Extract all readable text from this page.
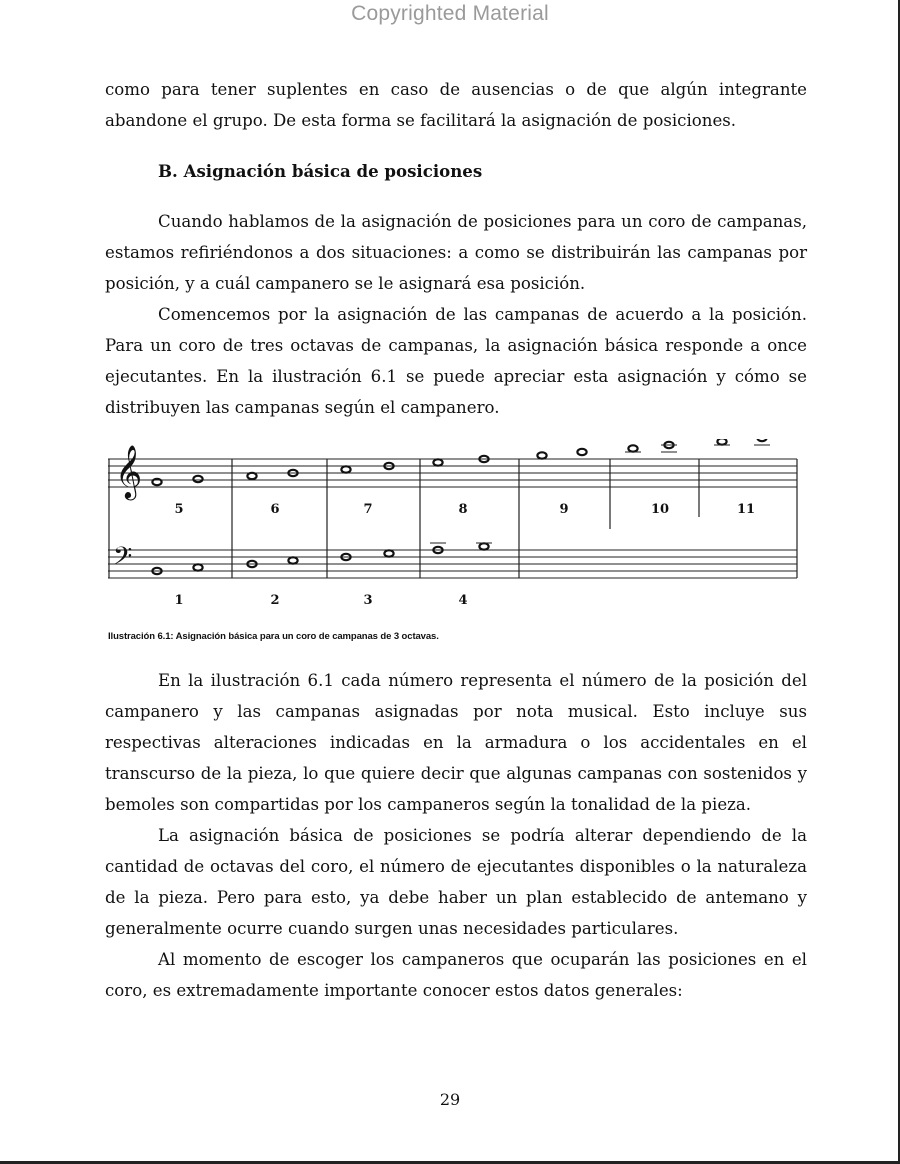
Copyrighted Material

como para tener suplentes en caso de ausencias o de que algún integrante abandone el grupo. De esta forma se facilitará la asignación de posiciones.

B. Asignación básica de posiciones

Cuando hablamos de la asignación de posiciones para un coro de campanas, estamos refiriéndonos a dos situaciones: a como se distribuirán las campanas por posición, y a cuál campanero se le asignará esa posición.

Comencemos por la asignación de las campanas de acuerdo a la posición. Para un coro de tres octavas de campanas, la asignación básica responde a once ejecutantes. En la ilustración 6.1 se puede apreciar esta asignación y cómo se distribuyen las campanas según el campanero.

𝄞
𝄢
5	6	7	8	9	10	11
1	2	3	4
Ilustración 6.1: Asignación básica para un coro de campanas de 3 octavas.

En la ilustración 6.1 cada número representa el número de la posición del campanero y las campanas asignadas por nota musical. Esto incluye sus respectivas alteraciones indicadas en la armadura o los accidentales en el transcurso de la pieza, lo que quiere decir que algunas campanas con sostenidos y bemoles son compartidas por los campaneros según la tonalidad de la pieza.

La asignación básica de posiciones se podría alterar dependiendo de la cantidad de octavas del coro, el número de ejecutantes disponibles o la naturaleza de la pieza. Pero para esto, ya debe haber un plan establecido de antemano y generalmente ocurre cuando surgen unas necesidades particulares.

Al momento de escoger los campaneros que ocuparán las posiciones en el coro, es extremadamente importante conocer estos datos generales:

29
